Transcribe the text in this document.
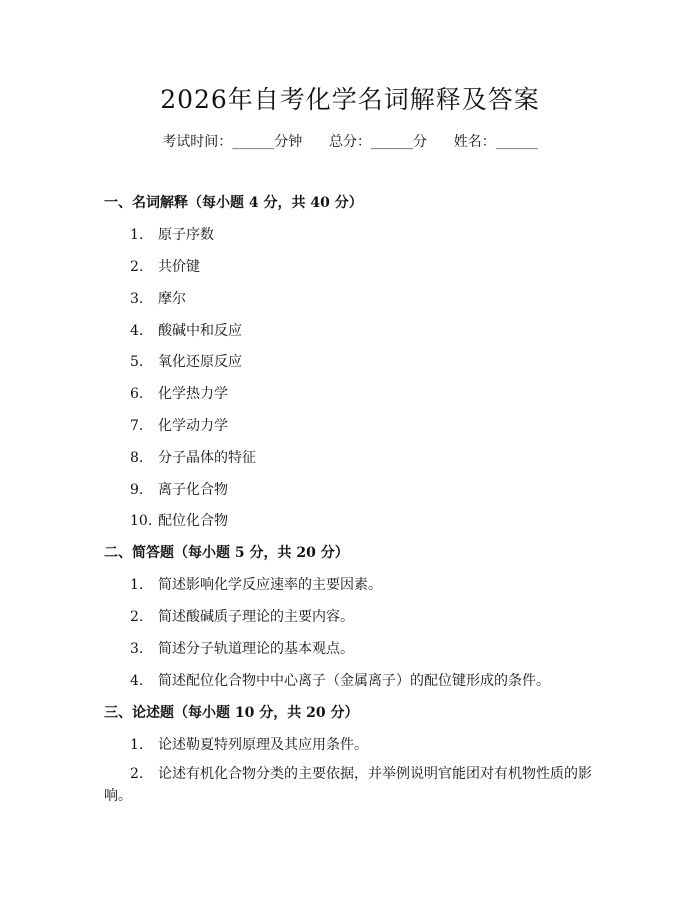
2026年自考化学名词解释及答案
考试时间：______分钟 总分：______分 姓名：______
一、名词解释（每小题 4 分，共 40 分）
1. 原子序数
2. 共价键
3. 摩尔
4. 酸碱中和反应
5. 氧化还原反应
6. 化学热力学
7. 化学动力学
8. 分子晶体的特征
9. 离子化合物
10. 配位化合物
二、简答题（每小题 5 分，共 20 分）
1. 简述影响化学反应速率的主要因素。
2. 简述酸碱质子理论的主要内容。
3. 简述分子轨道理论的基本观点。
4. 简述配位化合物中中心离子（金属离子）的配位键形成的条件。
三、论述题（每小题 10 分，共 20 分）
1. 论述勒夏特列原理及其应用条件。
2. 论述有机化合物分类的主要依据，并举例说明官能团对有机物性质的影响。
